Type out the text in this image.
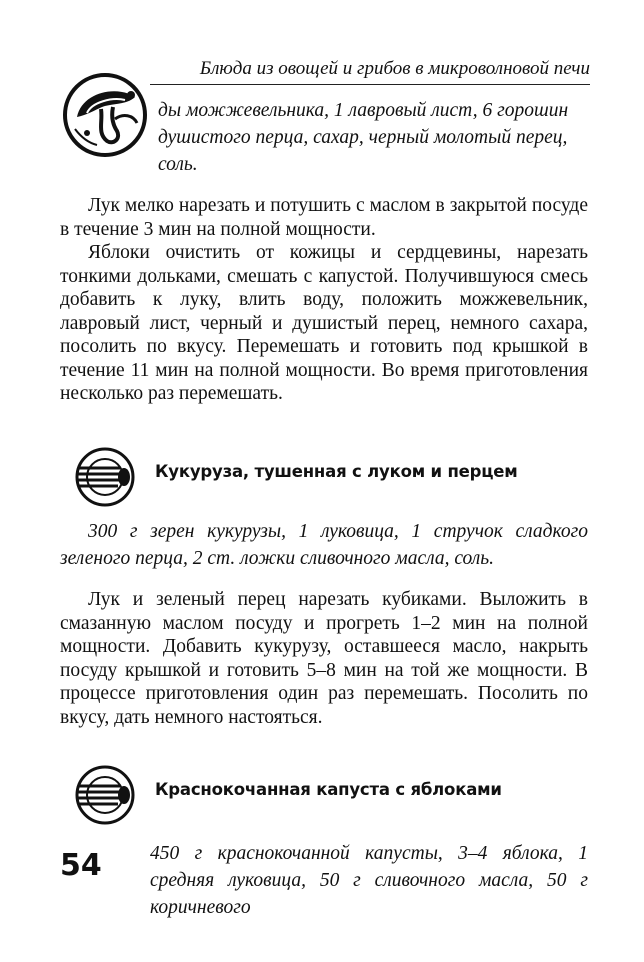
Блюда из овощей и грибов в микроволновой печи
ды можжевельника, 1 лавровый лист, 6 горошин душистого перца, сахар, черный молотый перец, соль.

Лук мелко нарезать и потушить с маслом в закрытой посуде в течение 3 мин на полной мощности.

Яблоки очистить от кожицы и сердцевины, нарезать тонкими дольками, смешать с капустой. Получившуюся смесь добавить к луку, влить воду, положить можжевельник, лавровый лист, черный и душистый перец, немного сахара, посолить по вкусу. Перемешать и готовить под крышкой в течение 11 мин на полной мощности. Во время приготовления несколько раз перемешать.

Кукуруза, тушенная с луком и перцем
300 г зерен кукурузы, 1 луковица, 1 стручок сладкого зеленого перца, 2 ст. ложки сливочного масла, соль.

Лук и зеленый перец нарезать кубиками. Выложить в смазанную маслом посуду и прогреть 1–2 мин на полной мощности. Добавить кукурузу, оставшееся масло, накрыть посуду крышкой и готовить 5–8 мин на той же мощности. В процессе приготовления один раз перемешать. Посолить по вкусу, дать немного настояться.

Краснокочанная капуста с яблоками
54 450 г краснокочанной капусты, 3–4 яблока, 1 средняя луковица, 50 г сливочного масла, 50 г коричневого
